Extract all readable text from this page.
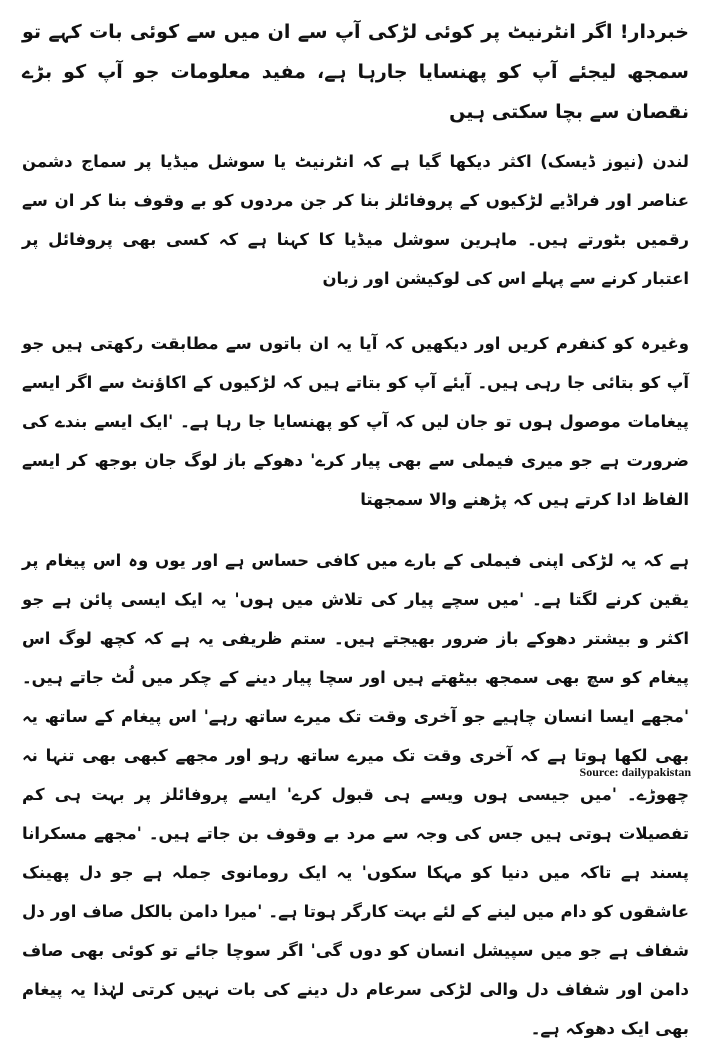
خبردار! اگر انٹرنیٹ پر کوئی لڑکی آپ سے ان میں سے کوئی بات کہے تو سمجھ لیجئے آپ کو پھنسایا جارہا ہے، مفید معلومات جو آپ کو بڑے نقصان سے بچا سکتی ہیں
لندن (نیوز ڈیسک) اکثر دیکھا گیا ہے کہ انٹرنیٹ یا سوشل میڈیا پر سماج دشمن عناصر اور فراڈیے لڑکیوں کے پروفائلز بنا کر جن مردوں کو بے وقوف بنا کر ان سے رقمیں بٹورتے ہیں۔ ماہرین سوشل میڈیا کا کہنا ہے کہ کسی بھی پروفائل پر اعتبار کرنے سے پہلے اس کی لوکیشن اور زبان
وغیرہ کو کنفرم کریں اور دیکھیں کہ آیا یہ ان باتوں سے مطابقت رکھتی ہیں جو آپ کو بتائی جا رہی ہیں۔ آیئے آپ کو بتاتے ہیں کہ لڑکیوں کے اکاؤنٹ سے اگر ایسے پیغامات موصول ہوں تو جان لیں کہ آپ کو پھنسایا جا رہا ہے۔ 'ایک ایسے بندے کی ضرورت ہے جو میری فیملی سے بھی پیار کرے' دھوکے باز لوگ جان بوجھ کر ایسے الفاظ ادا کرتے ہیں کہ پڑھنے والا سمجھتا
ہے کہ یہ لڑکی اپنی فیملی کے بارے میں کافی حساس ہے اور یوں وہ اس پیغام پر یقین کرنے لگتا ہے۔ 'میں سچے پیار کی تلاش میں ہوں' یہ ایک ایسی پائن ہے جو اکثر و بیشتر دھوکے باز ضرور بھیجتے ہیں۔ ستم ظریفی یہ ہے کہ کچھ لوگ اس پیغام کو سچ بھی سمجھ بیٹھتے ہیں اور سچا پیار دینے کے چکر میں لُٹ جاتے ہیں۔ 'مجھے ایسا انسان چاہیے جو آخری وقت تک میرے ساتھ رہے' اس پیغام کے ساتھ یہ بھی لکھا ہوتا ہے کہ آخری وقت تک میرے ساتھ رہو اور مجھے کبھی بھی تنہا نہ چھوڑے۔ 'میں جیسی ہوں ویسے ہی قبول کرے' ایسے پروفائلز پر بہت ہی کم تفصیلات ہوتی ہیں جس کی وجہ سے مرد بے وقوف بن جاتے ہیں۔ 'مجھے مسکرانا پسند ہے تاکہ میں دنیا کو مہکا سکوں' یہ ایک رومانوی جملہ ہے جو دل پھینک عاشقوں کو دام میں لینے کے لئے بہت کارگر ہوتا ہے۔ 'میرا دامن بالکل صاف اور دل شفاف ہے جو میں سپیشل انسان کو دوں گی' اگر سوچا جائے تو کوئی بھی صاف دامن اور شفاف دل والی لڑکی سرعام دل دینے کی بات نہیں کرتی لہٰذا یہ پیغام بھی ایک دھوکہ ہے۔
Source: dailypakistan
